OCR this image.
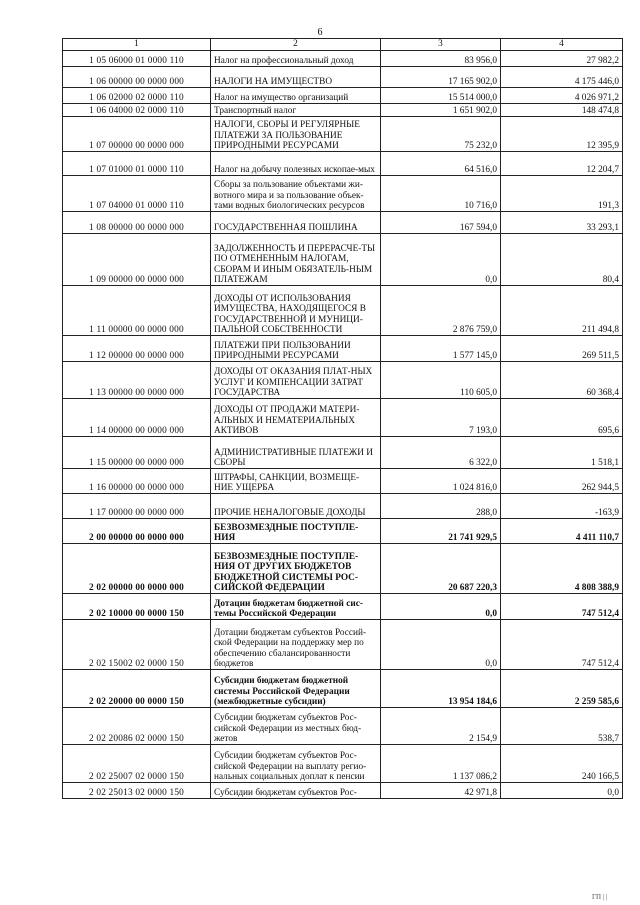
6
1	2	3	4
1 05 06000 01 0000 110	Налог на профессиональный доход	83 956,0	27 982,2
1 06 00000 00 0000 000	НАЛОГИ НА ИМУЩЕСТВО	17 165 902,0	4 175 446,0
1 06 02000 02 0000 110	Налог на имущество организаций	15 514 000,0	4 026 971,2
1 06 04000 02 0000 110	Транспортный налог	1 651 902,0	148 474,8
1 07 00000 00 0000 000	НАЛОГИ, СБОРЫ И РЕГУЛЯРНЫЕ ПЛАТЕЖИ ЗА ПОЛЬЗОВАНИЕ ПРИРОДНЫМИ РЕСУРСАМИ	75 232,0	12 395,9
1 07 01000 01 0000 110	Налог на добычу полезных ископае-мых	64 516,0	12 204,7
1 07 04000 01 0000 110	Сборы за пользование объектами жи-вотного мира и за пользование объек-тами водных биологических ресурсов	10 716,0	191,3
1 08 00000 00 0000 000	ГОСУДАРСТВЕННАЯ ПОШЛИНА	167 594,0	33 293,1
1 09 00000 00 0000 000	ЗАДОЛЖЕННОСТЬ И ПЕРЕРАСЧЕ-ТЫ ПО ОТМЕНЕННЫМ НАЛОГАМ, СБОРАМ И ИНЫМ ОБЯЗАТЕЛЬ-НЫМ ПЛАТЕЖАМ	0,0	80,4
1 11 00000 00 0000 000	ДОХОДЫ ОТ ИСПОЛЬЗОВАНИЯ ИМУЩЕСТВА, НАХОДЯЩЕГОСЯ В ГОСУДАРСТВЕННОЙ И МУНИЦИ-ПАЛЬНОЙ СОБСТВЕННОСТИ	2 876 759,0	211 494,8
1 12 00000 00 0000 000	ПЛАТЕЖИ ПРИ ПОЛЬЗОВАНИИ ПРИРОДНЫМИ РЕСУРСАМИ	1 577 145,0	269 511,5
1 13 00000 00 0000 000	ДОХОДЫ ОТ ОКАЗАНИЯ ПЛАТ-НЫХ УСЛУГ И КОМПЕНСАЦИИ ЗАТРАТ ГОСУДАРСТВА	110 605,0	60 368,4
1 14 00000 00 0000 000	ДОХОДЫ ОТ ПРОДАЖИ МАТЕРИ-АЛЬНЫХ И НЕМАТЕРИАЛЬНЫХ АКТИВОВ	7 193,0	695,6
1 15 00000 00 0000 000	АДМИНИСТРАТИВНЫЕ ПЛАТЕЖИ И СБОРЫ	6 322,0	1 518,1
1 16 00000 00 0000 000	ШТРАФЫ, САНКЦИИ, ВОЗМЕЩЕ-НИЕ УЩЕРБА	1 024 816,0	262 944,5
1 17 00000 00 0000 000	ПРОЧИЕ НЕНАЛОГОВЫЕ ДОХОДЫ	288,0	-163,9
2 00 00000 00 0000 000	БЕЗВОЗМЕЗДНЫЕ ПОСТУПЛЕ-НИЯ	21 741 929,5	4 411 110,7
2 02 00000 00 0000 000	БЕЗВОЗМЕЗДНЫЕ ПОСТУПЛЕ-НИЯ ОТ ДРУГИХ БЮДЖЕТОВ БЮДЖЕТНОЙ СИСТЕМЫ РОС-СИЙСКОЙ ФЕДЕРАЦИИ	20 687 220,3	4 808 388,9
2 02 10000 00 0000 150	Дотации бюджетам бюджетной сис-темы Российской Федерации	0,0	747 512,4
2 02 15002 02 0000 150	Дотации бюджетам субъектов Россий-ской Федерации на поддержку мер по обеспечению сбалансированности бюджетов	0,0	747 512,4
2 02 20000 00 0000 150	Субсидии бюджетам бюджетной системы Российской Федерации (межбюджетные субсидии)	13 954 184,6	2 259 585,6
2 02 20086 02 0000 150	Субсидии бюджетам субъектов Рос-сийской Федерации из местных бюд-жетов	2 154,9	538,7
2 02 25007 02 0000 150	Субсидии бюджетам субъектов Рос-сийской Федерации на выплату регио-нальных социальных доплат к пенсии	1 137 086,2	240 166,5
2 02 25013 02 0000 150	Субсидии бюджетам субъектов Рос-	42 971,8	0,0
ГП | |
